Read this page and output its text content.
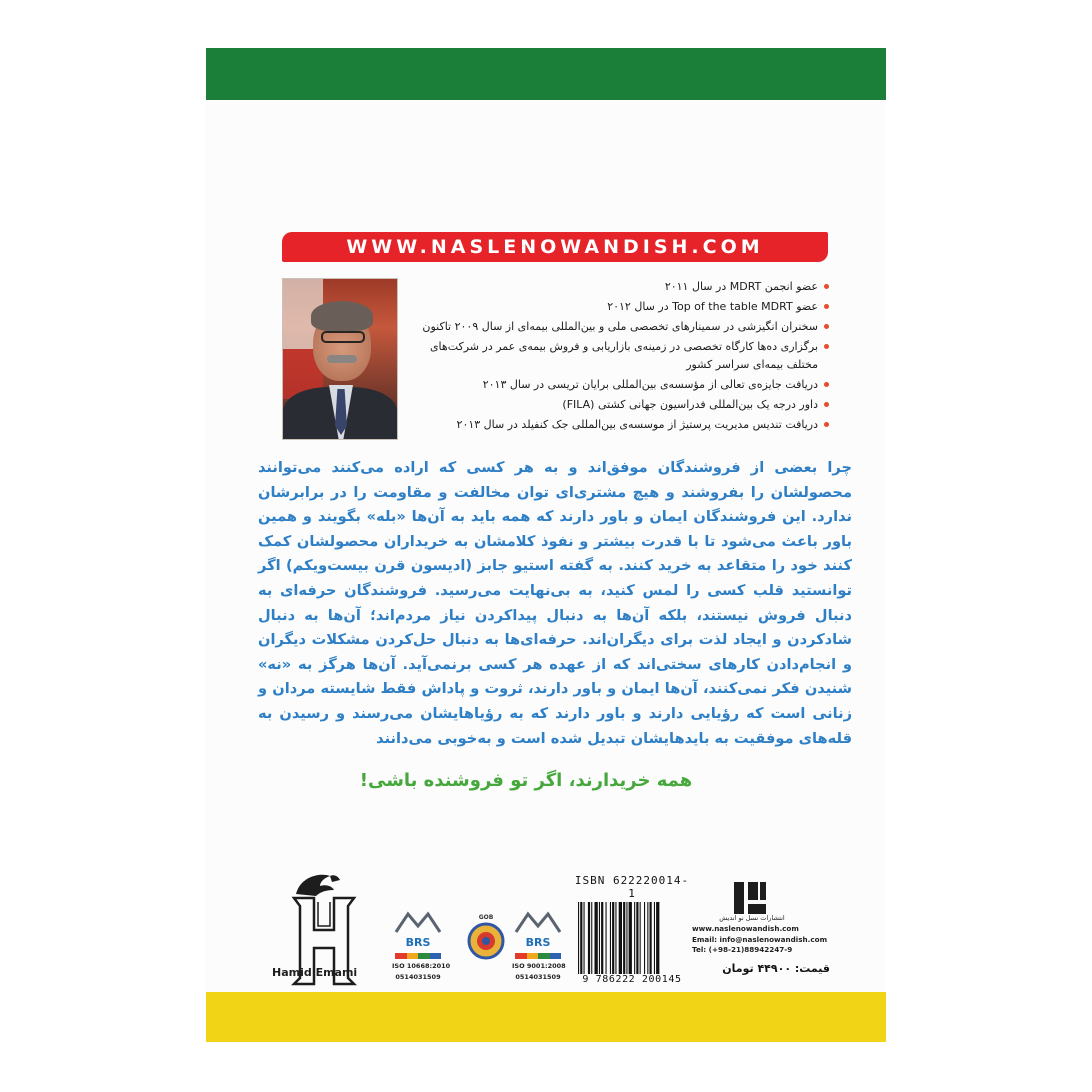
WWW.NASLENOWANDISH.COM
عضو انجمن MDRT در سال ۲۰۱۱
عضو Top of the table MDRT در سال ۲۰۱۲
سخنران انگیزشی در سمینارهای تخصصی ملی و بین‌المللی بیمه‌ای از سال ۲۰۰۹ تاکنون
برگزاری ده‌ها کارگاه تخصصی در زمینه‌ی بازاریابی و فروش بیمه‌ی عمر در شرکت‌های مختلف بیمه‌ای سراسر کشور
دریافت جایزه‌ی تعالی از مؤسسه‌ی بین‌المللی برایان تریسی در سال ۲۰۱۳
داور درجه یک بین‌المللی فدراسیون جهانی کشتی (FILA)
دریافت تندیس مدیریت پرستیژ از موسسه‌ی بین‌المللی جک کنفیلد در سال ۲۰۱۳

چرا بعضی از فروشندگان موفق‌اند و به هر کسی که اراده می‌کنند می‌توانند محصولشان را بفروشند و هیچ مشتری‌ای توان مخالفت و مقاومت را در برابرشان ندارد. این فروشندگان ایمان و باور دارند که همه باید به آن‌ها «بله» بگویند و همین باور باعث می‌شود تا با قدرت بیشتر و نفوذ کلامشان به خریداران محصولشان کمک کنند خود را متقاعد به خرید کنند. به گفته استیو جابز (ادیسون قرن بیست‌ویکم) اگر توانستید قلب کسی را لمس کنید، به بی‌نهایت می‌رسید. فروشندگان حرفه‌ای به دنبال فروش نیستند، بلکه آن‌ها به دنبال پیداکردن نیاز مردم‌اند؛ آن‌ها به دنبال شادکردن و ایجاد لذت برای دیگران‌اند. حرفه‌ای‌ها به دنبال حل‌کردن مشکلات دیگران و انجام‌دادن کارهای سختی‌اند که از عهده هر کسی برنمی‌آید. آن‌ها هرگز به «نه» شنیدن فکر نمی‌کنند، آن‌ها ایمان و باور دارند، ثروت و پاداش فقط شایسته مردان و زنانی است که رؤیایی دارند و باور دارند که به رؤیاهایشان می‌رسند و رسیدن به قله‌های موفقیت به بایدهایشان تبدیل شده است و به‌خوبی می‌دانند

همه خریدارند، اگر تو فروشنده باشی!
Hamid Emami
BRS
ISO 10668:2010
0514031509
GOB
BRS
ISO 9001:2008
0514031509
ISBN 622220014-1
9 786222 200145
انتشارات نسل نو اندیش
www.naslenowandish.com
Email: info@naslenowandish.com
Tel: (+98-21)88942247-9
قیمت: ۴۴۹۰۰ تومان
